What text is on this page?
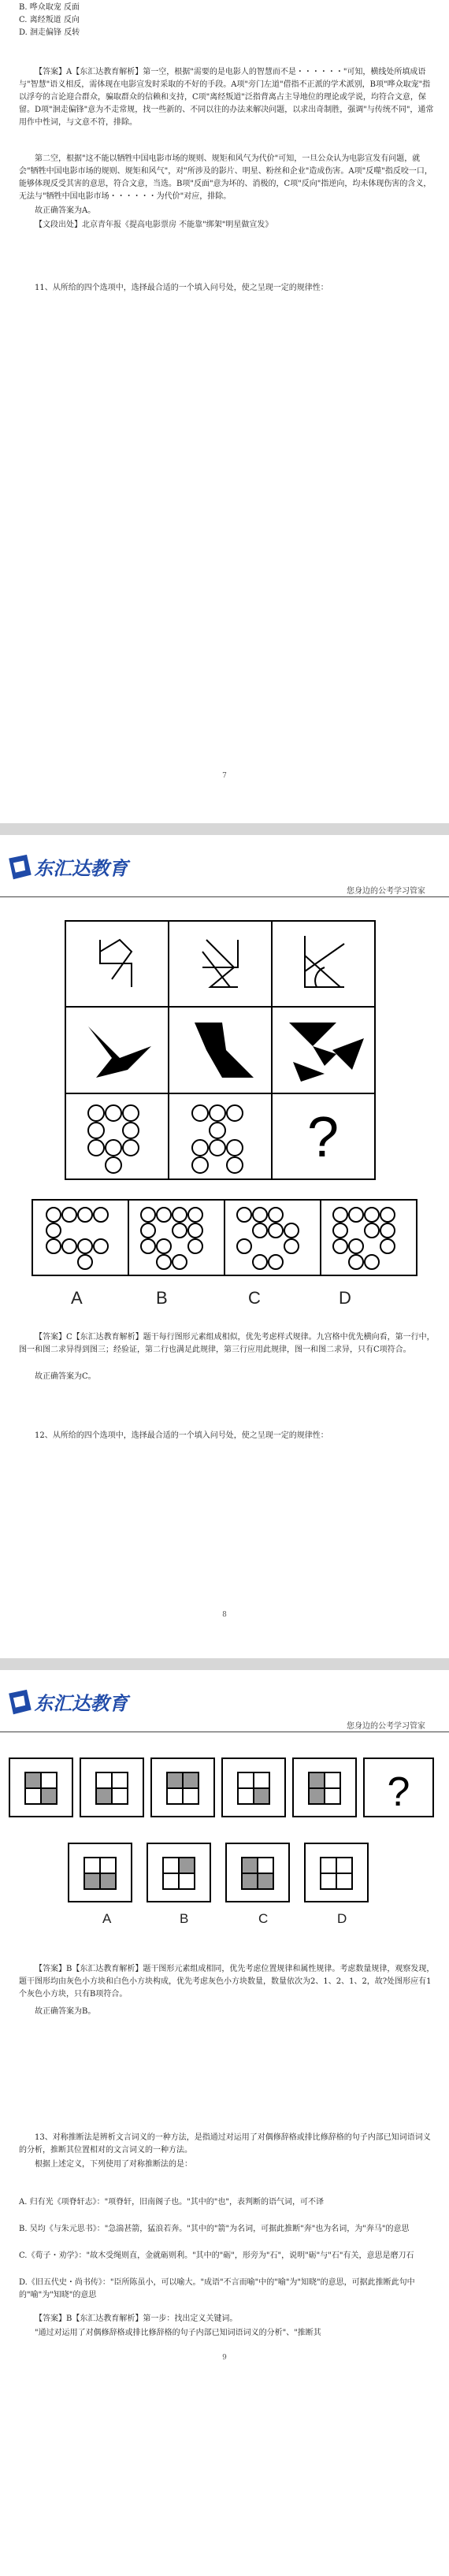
B. 哗众取宠 反面

C. 离经叛道 反向

D. 洄走偏锋 反转

【答案】A【东汇达教育解析】第一空，根据"需要的是电影人的智慧而不是・・・・・・"可知，横线处所填成语与"智慧"语义相反，需体现在电影宣发时采取的不好的手段。A项"旁门左道"借指不正派的学术派别，B项"哗众取宠"指以浮夸的言论迎合群众，骗取群众的信赖和支持，C项"离经叛道"泛指背离占主导地位的理论或学说，均符合文意，保留。D项"洄走偏锋"意为不走常规，找一些新的、不同以往的办法来解决问题，以求出奇制胜，强调"与传统不同"，通常用作中性词，与文意不符，排除。

第二空，根据"这不能以牺牲中国电影市场的规则、规矩和风气为代价"可知，一旦公众认为电影宣发有问题，就会"牺牲中国电影市场的规则、规矩和风气"，对"所涉及的影片、明星、粉丝和企业"造成伤害。A项"反噬"指反咬一口，能够体现反受其害的意思，符合文意，当选。B项"反面"意为坏的、消极的，C项"反向"指逆向，均未体现伤害的含义，无法与"牺牲中国电影市场・・・・・・为代价"对应，排除。

故正确答案为A。

【文段出处】北京青年报《提高电影票房 不能靠"绑架"明星做宣发》

11、从所给的四个选项中，选择最合适的一个填入问号处，使之呈现一定的规律性：

7
东汇达教育
您身边的公考学习管家
?
A	B	C	D

【答案】C【东汇达教育解析】题干每行图形元素组成相似，优先考虑样式规律。九宫格中优先横向看，第一行中，图一和图二求异得到图三；经验证，第二行也满足此规律，第三行应用此规律，图一和图二求异，只有C项符合。

故正确答案为C。

12、从所给的四个选项中，选择最合适的一个填入问号处，使之呈现一定的规律性：

8
东汇达教育
您身边的公考学习管家
?
A	B	C	D

【答案】B【东汇达教育解析】题干图形元素组成相同，优先考虑位置规律和属性规律。考虑数量规律，观察发现，题干图形均由灰色小方块和白色小方块构成，优先考虑灰色小方块数量，数量依次为2、1、2、1、2，故?处图形应有1个灰色小方块，只有B项符合。

故正确答案为B。

13、对称推断法是辨析文言词义的一种方法，是指通过对运用了对偶修辞格或排比修辞格的句子内部已知词语词义的分析，推断其位置相对的文言词义的一种方法。

根据上述定义，下列使用了对称推断法的是：

A. 归有光《项脊轩志》："项脊轩，旧南阁子也。"其中的"也"，表判断的语气词，可不译

B. 吴均《与朱元思书》："急湍甚箭，猛浪若奔。"其中的"箭"为名词，可据此推断"奔"也为名词，为"奔马"的意思

C.《荀子・劝学》："故木受绳则直，金就砺则利。"其中的"砺"，形旁为"石"，说明"砺"与"石"有关，意思是磨刀石

D.《旧五代史・尚书传》："臣所陈虽小，可以喻大。"成语"不言而喻"中的"喻"为"知晓"的意思，可据此推断此句中的"喻"为"知晓"的意思

【答案】B【东汇达教育解析】第一步：找出定义关键词。

"通过对运用了对偶修辞格或排比修辞格的句子内部已知词语词义的分析"、"推断其

9
